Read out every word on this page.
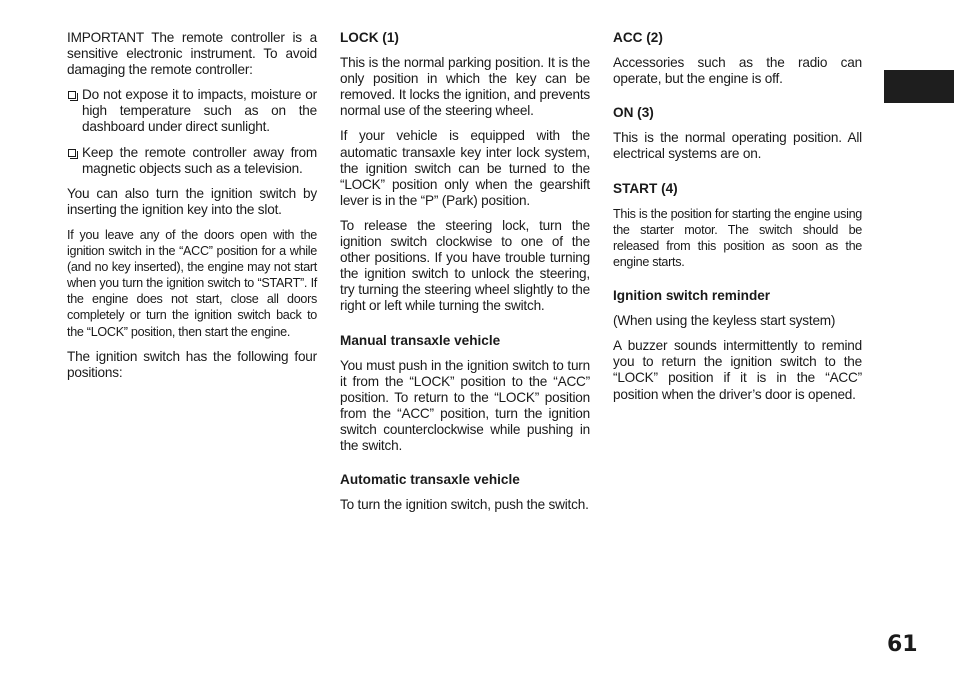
IMPORTANT The remote controller is a sensitive electronic instrument. To avoid damaging the remote controller:

Do not expose it to impacts, moisture or high temperature such as on the dashboard under direct sunlight.

Keep the remote controller away from magnetic objects such as a television.

You can also turn the ignition switch by inserting the ignition key into the slot.

If you leave any of the doors open with the ignition switch in the “ACC” position for a while (and no key inserted), the engine may not start when you turn the ignition switch to “START”. If the engine does not start, close all doors completely or turn the ignition switch back to the “LOCK” position, then start the engine.

The ignition switch has the following four positions:

LOCK (1)

This is the normal parking position. It is the only position in which the key can be removed. It locks the ignition, and prevents normal use of the steering wheel.

If your vehicle is equipped with the automatic transaxle key inter lock system, the ignition switch can be turned to the “LOCK” position only when the gearshift lever is in the “P” (Park) position.

To release the steering lock, turn the ignition switch clockwise to one of the other positions. If you have trouble turning the ignition switch to unlock the steering, try turning the steering wheel slightly to the right or left while turning the switch.

Manual transaxle vehicle

You must push in the ignition switch to turn it from the “LOCK” position to the “ACC” position. To return to the “LOCK” position from the “ACC” position, turn the ignition switch counterclockwise while pushing in the switch.

Automatic transaxle vehicle

To turn the ignition switch, push the switch.

ACC (2)

Accessories such as the radio can operate, but the engine is off.

ON (3)

This is the normal operating position. All electrical systems are on.

START (4)

This is the position for starting the engine using the starter motor. The switch should be released from this position as soon as the engine starts.

Ignition switch reminder

(When using the keyless start system)

A buzzer sounds intermittently to remind you to return the ignition switch to the “LOCK” position if it is in the “ACC” position when the driver’s door is opened.

61
